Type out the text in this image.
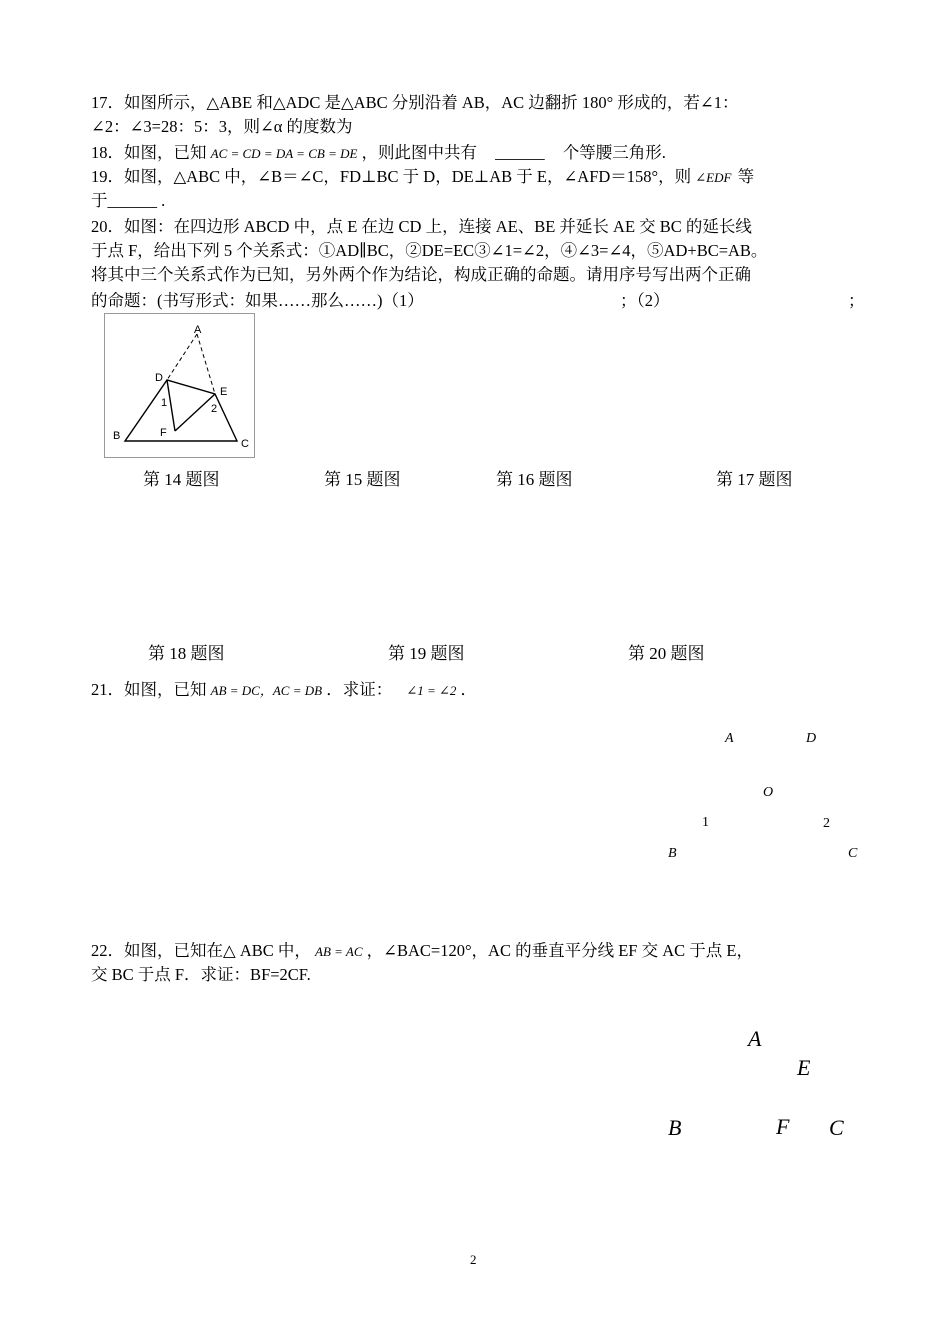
17．如图所示，△ABE 和△ADC 是△ABC 分别沿着 AB，AC 边翻折 180° 形成的，若∠1：
∠2：∠3=28：5：3，则∠α 的度数为
18．如图，已知 AC = CD = DA = CB = DE ，则此图中共有 ______ 个等腰三角形.
19．如图，△ABC 中，∠B＝∠C，FD⊥BC 于 D，DE⊥AB 于 E，∠AFD＝158°，则 ∠EDF 等
于______ .
20．如图：在四边形 ABCD 中，点 E 在边 CD 上，连接 AE、BE 并延长 AE 交 BC 的延长线
于点 F，给出下列 5 个关系式：①AD∥BC，②DE=EC③∠1=∠2，④∠3=∠4，⑤AD+BC=AB。
将其中三个关系式作为已知，另外两个作为结论，构成正确的命题。请用序号写出两个正确
的命题：(书写形式：如果……那么……)（1）	；（2）	；
A
D
E
B	F
C
1	2
第 14 题图	第 15 题图	第 16 题图	第 17 题图
第 18 题图	第 19 题图	第 20 题图
21．如图，已知 AB = DC，AC = DB ．求证： ∠1 = ∠2 ．
A	D
O
1	2
B	C
22．如图，已知在△ ABC 中， AB = AC ，∠BAC=120°，AC 的垂直平分线 EF 交 AC 于点 E，
交 BC 于点 F．求证：BF=2CF.
A
E
B	F C
2
